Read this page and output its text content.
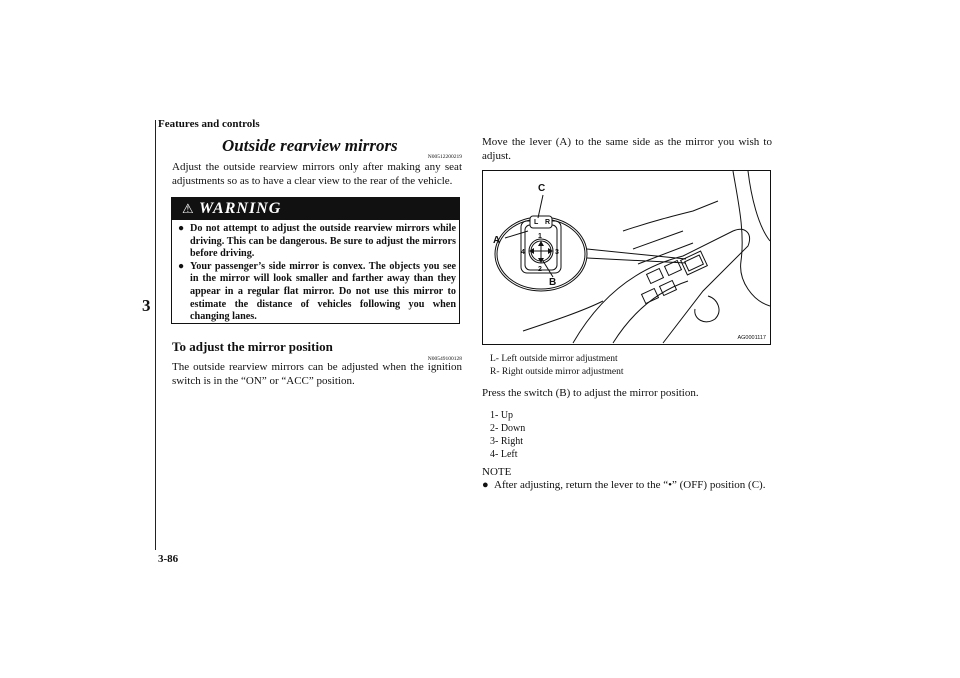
Features and controls
3
3-86
Outside rearview mirrors
N00512200219
Adjust the outside rearview mirrors only after making any seat adjustments so as to have a clear view to the rear of the vehicle.
⚠ WARNING
● Do not attempt to adjust the outside rearview mirrors while driving. This can be dangerous. Be sure to adjust the mirrors before driving.
● Your passenger’s side mirror is convex. The objects you see in the mirror will look smaller and farther away than they appear in a regular flat mirror. Do not use this mirror to estimate the distance of vehicles following you when changing lanes.
To adjust the mirror position
N00549100128
The outside rearview mirrors can be adjusted when the ignition switch is in the “ON” or “ACC” position.
Move the lever (A) to the same side as the mirror you wish to adjust.
C
A
B
L R
1
2
3
4
AG0001117
L- Left outside mirror adjustment
R- Right outside mirror adjustment
Press the switch (B) to adjust the mirror position.
1- Up
2- Down
3- Right
4- Left
NOTE
● After adjusting, return the lever to the “•” (OFF) position (C).
